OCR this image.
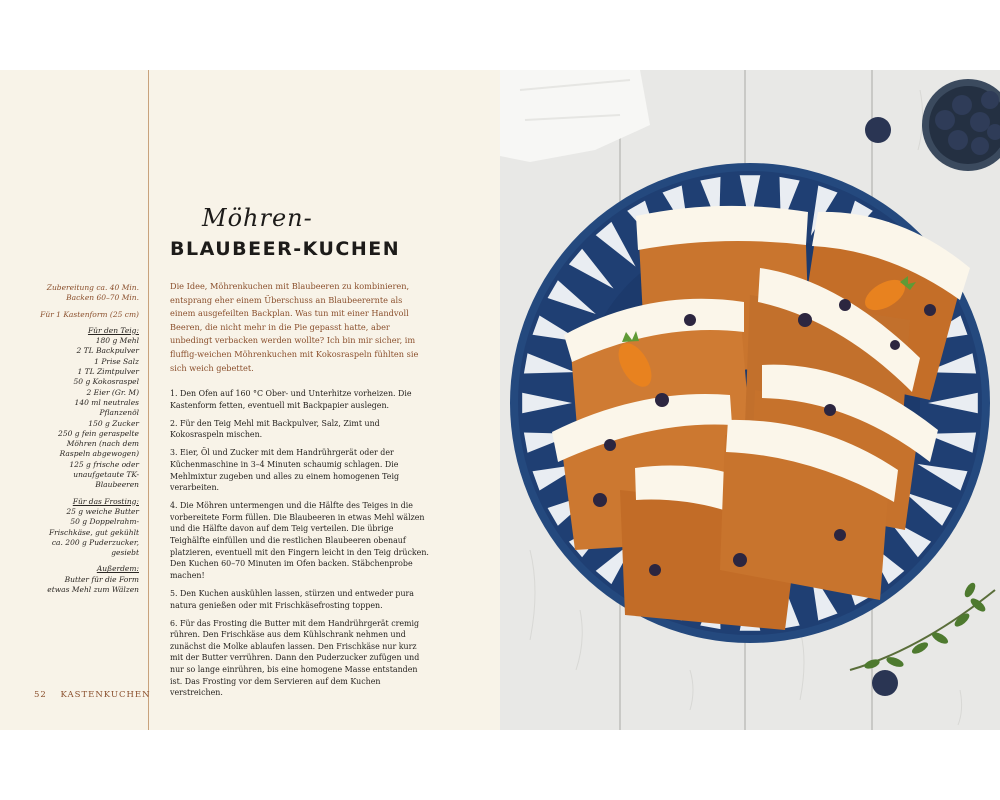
Zubereitung ca. 40 Min.
Backen 60–70 Min.
Für 1 Kastenform (25 cm)
Für den Teig:
180 g Mehl
2 TL Backpulver
1 Prise Salz
1 TL Zimtpulver
50 g Kokosraspel
2 Eier (Gr. M)
140 ml neutrales
Pflanzenöl
150 g Zucker
250 g fein geraspelte
Möhren (nach dem
Raspeln abgewogen)
125 g frische oder
unaufgetaute TK-
Blaubeeren
Für das Frosting:
25 g weiche Butter
50 g Doppelrahm-
Frischkäse, gut gekühlt
ca. 200 g Puderzucker,
gesiebt
Außerdem:
Butter für die Form
etwas Mehl zum Wälzen
Möhren-
BLAUBEER-KUCHEN
Die Idee, Möhrenkuchen mit Blaubeeren zu kombinieren, entsprang eher einem Überschuss an Blaubeerernte als einem ausgefeilten Backplan. Was tun mit einer Handvoll Beeren, die nicht mehr in die Pie gepasst hatte, aber unbedingt verbacken werden wollte? Ich bin mir sicher, im fluffig-weichen Möhrenkuchen mit Kokosraspeln fühlten sie sich weich gebettet.

1. Den Ofen auf 160 °C Ober- und Unterhitze vorheizen. Die Kastenform fetten, eventuell mit Backpapier auslegen.

2. Für den Teig Mehl mit Backpulver, Salz, Zimt und Kokosraspeln mischen.

3. Eier, Öl und Zucker mit dem Handrührgerät oder der Küchenmaschine in 3–4 Minuten schaumig schlagen. Die Mehlmixtur zugeben und alles zu einem homogenen Teig verarbeiten.

4. Die Möhren untermengen und die Hälfte des Teiges in die vorbereitete Form füllen. Die Blaubeeren in etwas Mehl wälzen und die Hälfte davon auf dem Teig verteilen. Die übrige Teighälfte einfüllen und die restlichen Blaubeeren obenauf platzieren, eventuell mit den Fingern leicht in den Teig drücken. Den Kuchen 60–70 Minuten im Ofen backen. Stäbchenprobe machen!

5. Den Kuchen auskühlen lassen, stürzen und entweder pura natura genießen oder mit Frischkäsefrosting toppen.

6. Für das Frosting die Butter mit dem Handrührgerät cremig rühren. Den Frischkäse aus dem Kühlschrank nehmen und zunächst die Molke ablaufen lassen. Den Frischkäse nur kurz mit der Butter verrühren. Dann den Puderzucker zufügen und nur so lange einrühren, bis eine homogene Masse entstanden ist. Das Frosting vor dem Servieren auf dem Kuchen verstreichen.

52 KASTENKUCHEN
